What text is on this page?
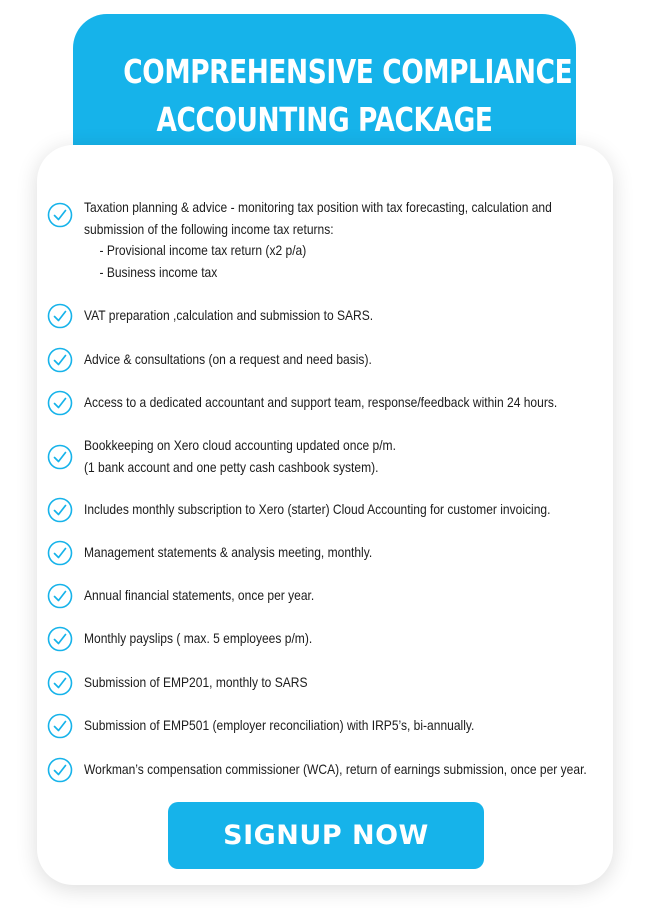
COMPREHENSIVE COMPLIANCE
ACCOUNTING PACKAGE
Taxation planning & advice - monitoring tax position with tax forecasting, calculation and
submission of the following income tax returns:
- Provisional income tax return (x2 p/a)
- Business income tax
VAT preparation ,calculation and submission to SARS.
Advice & consultations (on a request and need basis).
Access to a dedicated accountant and support team, response/feedback within 24 hours.
Bookkeeping on Xero cloud accounting updated once p/m.
(1 bank account and one petty cash cashbook system).
Includes monthly subscription to Xero (starter) Cloud Accounting for customer invoicing.
Management statements & analysis meeting, monthly.
Annual financial statements, once per year.
Monthly payslips ( max. 5 employees p/m).
Submission of EMP201, monthly to SARS
Submission of EMP501 (employer reconciliation) with IRP5’s, bi-annually.
Workman’s compensation commissioner (WCA), return of earnings submission, once per year.
SIGNUP NOW
